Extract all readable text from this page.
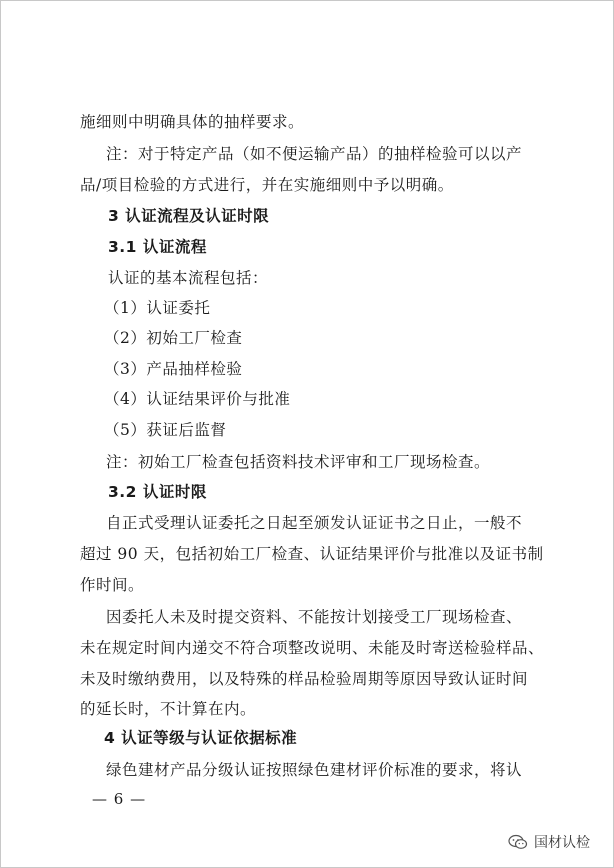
施细则中明确具体的抽样要求。
注：对于特定产品（如不便运输产品）的抽样检验可以以产
品/项目检验的方式进行，并在实施细则中予以明确。
3 认证流程及认证时限
3.1 认证流程
认证的基本流程包括：
（1）认证委托
（2）初始工厂检查
（3）产品抽样检验
（4）认证结果评价与批准
（5）获证后监督
注：初始工厂检查包括资料技术评审和工厂现场检查。
3.2 认证时限
自正式受理认证委托之日起至颁发认证证书之日止，一般不
超过 90 天，包括初始工厂检查、认证结果评价与批准以及证书制
作时间。
因委托人未及时提交资料、不能按计划接受工厂现场检查、
未在规定时间内递交不符合项整改说明、未能及时寄送检验样品、
未及时缴纳费用，以及特殊的样品检验周期等原因导致认证时间
的延长时，不计算在内。
4 认证等级与认证依据标准
绿色建材产品分级认证按照绿色建材评价标准的要求，将认
— 6 —
国材认检
